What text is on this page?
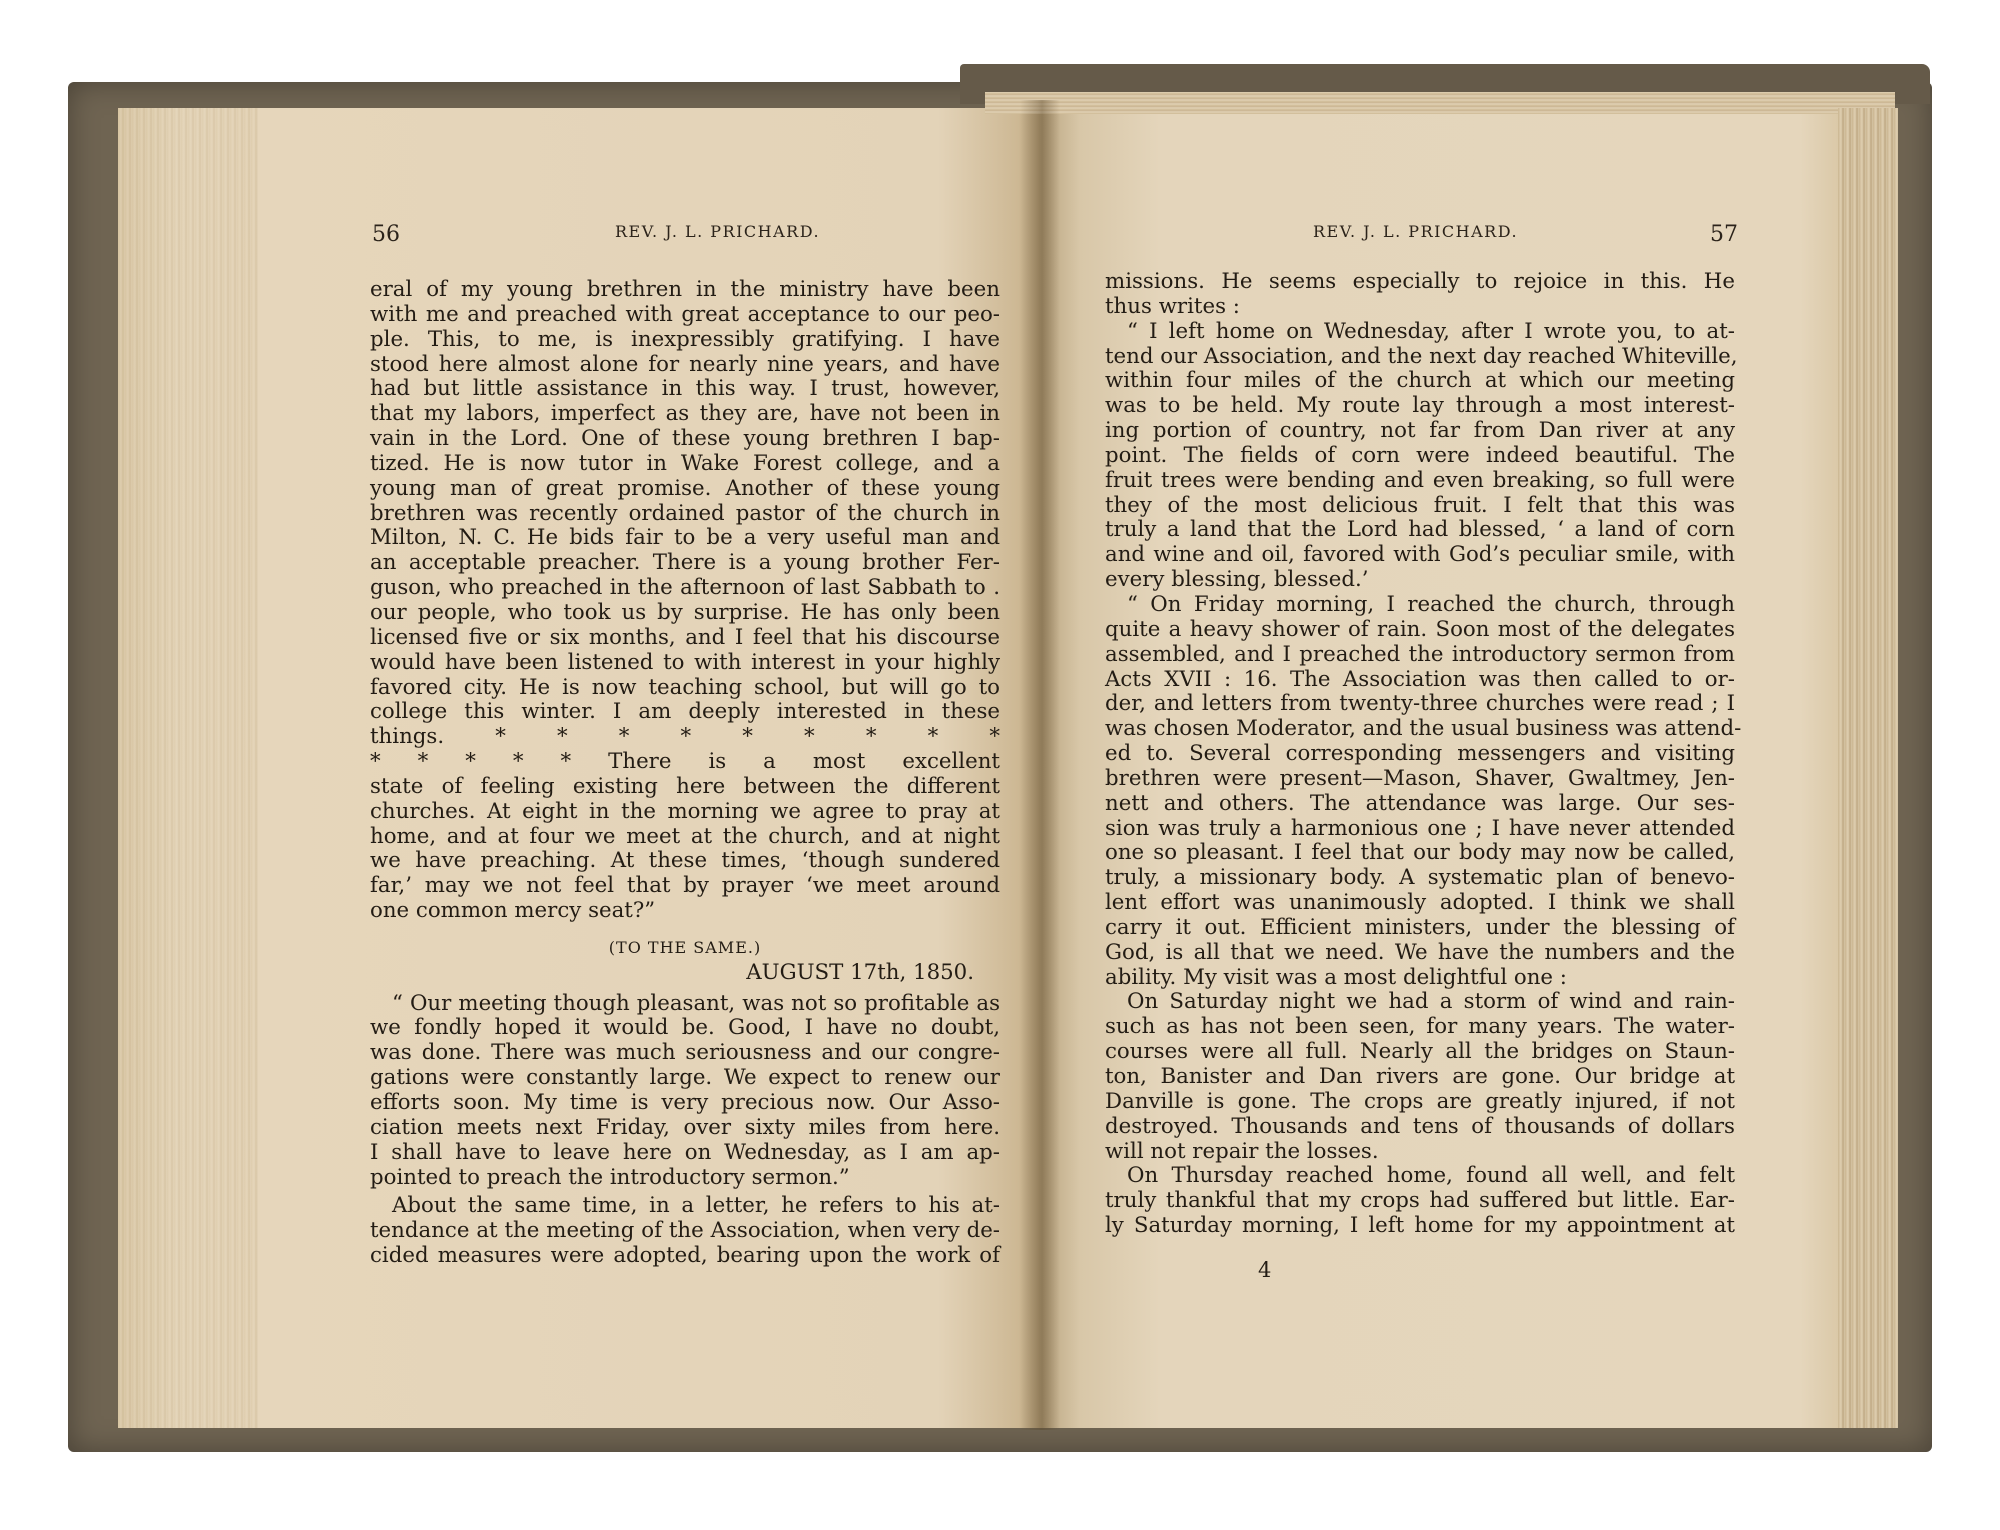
56	REV. J. L. PRICHARD.	REV. J. L. PRICHARD.	57
eral of my young brethren in the ministry have been
with me and preached with great acceptance to our peo-
ple. This, to me, is inexpressibly gratifying. I have
stood here almost alone for nearly nine years, and have
had but little assistance in this way. I trust, however,
that my labors, imperfect as they are, have not been in
vain in the Lord. One of these young brethren I bap-
tized. He is now tutor in Wake Forest college, and a
young man of great promise. Another of these young
brethren was recently ordained pastor of the church in
Milton, N. C. He bids fair to be a very useful man and
an acceptable preacher. There is a young brother Fer-
guson, who preached in the afternoon of last Sabbath to .
our people, who took us by surprise. He has only been
licensed five or six months, and I feel that his discourse
would have been listened to with interest in your highly
favored city. He is now teaching school, but will go to
college this winter. I am deeply interested in these
things. * * * * * * * * *
* * * * * There is a most excellent
state of feeling existing here between the different
churches. At eight in the morning we agree to pray at
home, and at four we meet at the church, and at night
we have preaching. At these times, ‘though sundered
far,’ may we not feel that by prayer ‘we meet around
one common mercy seat?”
(TO THE SAME.)
AUGUST 17th, 1850.
“ Our meeting though pleasant, was not so profitable as
we fondly hoped it would be. Good, I have no doubt,
was done. There was much seriousness and our congre-
gations were constantly large. We expect to renew our
efforts soon. My time is very precious now. Our Asso-
ciation meets next Friday, over sixty miles from here.
I shall have to leave here on Wednesday, as I am ap-
pointed to preach the introductory sermon.”
About the same time, in a letter, he refers to his at-
tendance at the meeting of the Association, when very de-
cided measures were adopted, bearing upon the work of
missions. He seems especially to rejoice in this. He
thus writes :
“ I left home on Wednesday, after I wrote you, to at-
tend our Association, and the next day reached Whiteville,
within four miles of the church at which our meeting
was to be held. My route lay through a most interest-
ing portion of country, not far from Dan river at any
point. The fields of corn were indeed beautiful. The
fruit trees were bending and even breaking, so full were
they of the most delicious fruit. I felt that this was
truly a land that the Lord had blessed, ‘ a land of corn
and wine and oil, favored with God’s peculiar smile, with
every blessing, blessed.’
“ On Friday morning, I reached the church, through
quite a heavy shower of rain. Soon most of the delegates
assembled, and I preached the introductory sermon from
Acts XVII : 16. The Association was then called to or-
der, and letters from twenty-three churches were read ; I
was chosen Moderator, and the usual business was attend-
ed to. Several corresponding messengers and visiting
brethren were present—Mason, Shaver, Gwaltmey, Jen-
nett and others. The attendance was large. Our ses-
sion was truly a harmonious one ; I have never attended
one so pleasant. I feel that our body may now be called,
truly, a missionary body. A systematic plan of benevo-
lent effort was unanimously adopted. I think we shall
carry it out. Efficient ministers, under the blessing of
God, is all that we need. We have the numbers and the
ability. My visit was a most delightful one :
On Saturday night we had a storm of wind and rain-
such as has not been seen, for many years. The water-
courses were all full. Nearly all the bridges on Staun-
ton, Banister and Dan rivers are gone. Our bridge at
Danville is gone. The crops are greatly injured, if not
destroyed. Thousands and tens of thousands of dollars
will not repair the losses.
On Thursday reached home, found all well, and felt
truly thankful that my crops had suffered but little. Ear-
ly Saturday morning, I left home for my appointment at
4
